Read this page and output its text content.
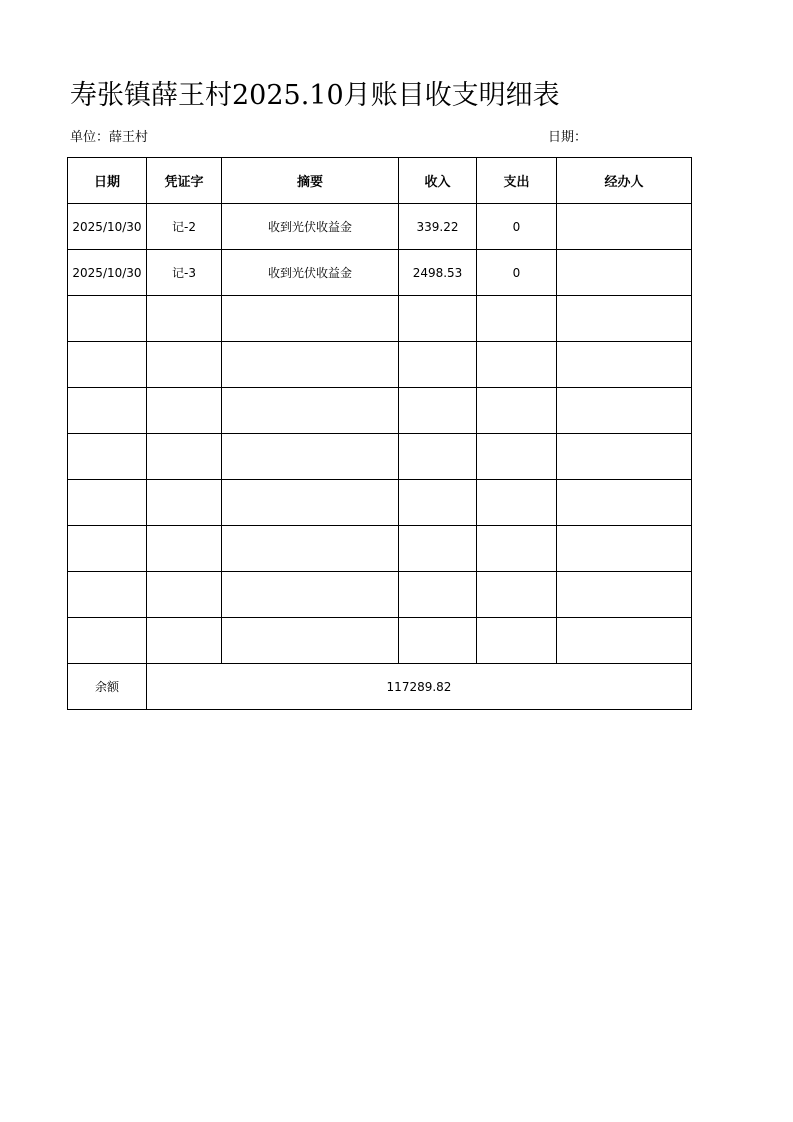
寿张镇薛王村2025.10月账目收支明细表
单位：薛王村	日期：
日期	凭证字	摘要	收入	支出	经办人
2025/10/30	记-2	收到光伏收益金	339.22	0	
2025/10/30	记-3	收到光伏收益金	2498.53	0	

余额	117289.82				
